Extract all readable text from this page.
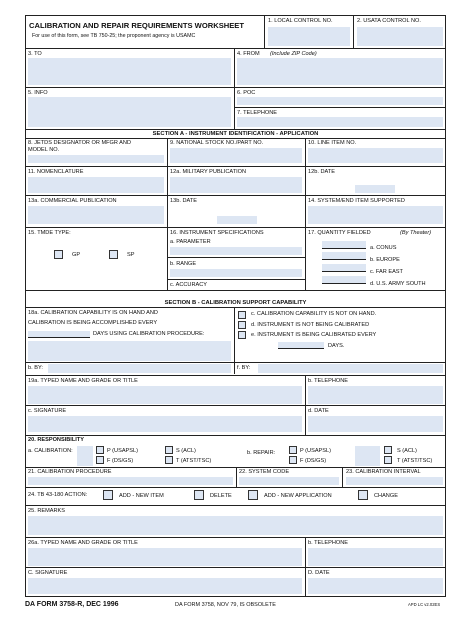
CALIBRATION AND REPAIR REQUIREMENTS WORKSHEET
For use of this form, see TB 750-25; the proponent agency is USAMC
1. LOCAL CONTROL NO.	2. USATA CONTROL NO.
3. TO	4. FROM (Include ZIP Code)
5. INFO	6. POC
7. TELEPHONE
SECTION A - INSTRUMENT IDENTIFICATION - APPLICATION
8. JETDS DESIGNATOR OR MFGR AND
MODEL NO.
9. NATIONAL STOCK NO./PART NO.	10. LINE ITEM NO.
11. NOMENCLATURE	12a. MILITARY PUBLICATION	12b. DATE
13a. COMMERCIAL PUBLICATION	13b. DATE	14. SYSTEM/END ITEM SUPPORTED
15. TMDE TYPE:
GP	SP
16. INSTRUMENT SPECIFICATIONS
a. PARAMETER
b. RANGE
c. ACCURACY
17. QUANTITY FIELDED	(By Theater)
a. CONUS
b. EUROPE
c. FAR EAST
d. U.S. ARMY SOUTH
SECTION B - CALIBRATION SUPPORT CAPABILITY
18a. CALIBRATION CAPABILITY IS ON HAND AND
CALIBRATION IS BEING ACCOMPLISHED EVERY
DAYS USING CALIBRATION PROCEDURE:
c. CALIBRATION CAPABILITY IS NOT ON HAND.
d. INSTRUMENT IS NOT BEING CALIBRATED
e. INSTRUMENT IS BEING CALIBRATED EVERY
DAYS.
b. BY:	f. BY:
19a. TYPED NAME AND GRADE OR TITLE	b. TELEPHONE
c. SIGNATURE	d. DATE
20. RESPONSIBILITY
a. CALIBRATION:	P (USAPSL)
F (DS/GS)
S (ACL)
T (ATST/TSC)
b. REPAIR:	P (USAPSL)
F (DS/GS)
S (ACL)
T (ATST/TSC)
21. CALIBRATION PROCEDURE	22. SYSTEM CODE	23. CALIBRATION INTERVAL
24. TB 43-180 ACTION:	ADD - NEW ITEM	DELETE	ADD - NEW APPLICATION	CHANGE
25. REMARKS
26a. TYPED NAME AND GRADE OR TITLE	b. TELEPHONE
C. SIGNATURE	D. DATE
DA FORM 3758-R, DEC 1996	DA FORM 3758, NOV 79, IS OBSOLETE	APD LC v2.02ES
